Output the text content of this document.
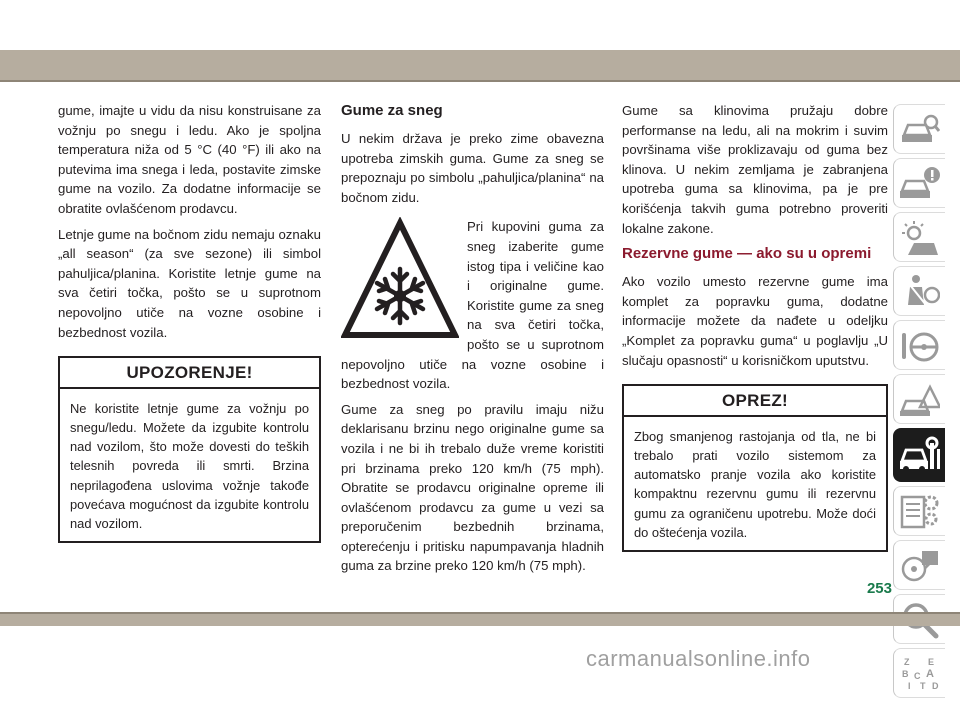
gume, imajte u vidu da nisu konstruisane za vožnju po snegu i ledu. Ako je spoljna temperatura niža od 5 °C (40 °F) ili ako na putevima ima snega i leda, postavite zimske gume na vozilo. Za dodatne informacije se obratite ovlašćenom prodavcu.

Letnje gume na bočnom zidu nemaju oznaku „all season“ (za sve sezone) ili simbol pahuljica/planina. Koristite letnje gume na sva četiri točka, pošto se u suprotnom nepovoljno utiče na vozne osobine i bezbednost vozila.

UPOZORENJE!
Ne koristite letnje gume za vožnju po snegu/ledu. Možete da izgubite kontrolu nad vozilom, što može dovesti do teških telesnih povreda ili smrti. Brzina neprilagođena uslovima vožnje takođe povećava mogućnost da izgubite kontrolu nad vozilom.
Gume za sneg

U nekim država je preko zime obavezna upotreba zimskih guma. Gume za sneg se prepoznaju po simbolu „pahuljica/planina“ na bočnom zidu.

Pri kupovini guma za sneg izaberite gume istog tipa i veličine kao i originalne gume. Koristite gume za sneg na sva četiri točka, pošto se u suprotnom nepovoljno utiče na vozne osobine i bezbednost vozila.

Gume za sneg po pravilu imaju nižu deklarisanu brzinu nego originalne gume sa vozila i ne bi ih trebalo duže vreme koristiti pri brzinama preko 120 km/h (75 mph). Obratite se prodavcu originalne opreme ili ovlašćenom prodavcu za gume u vezi sa preporučenim bezbednih brzinama, opterećenju i pritisku napumpavanja hladnih guma za brzine preko 120 km/h (75 mph).

Gume sa klinovima pružaju dobre performanse na ledu, ali na mokrim i suvim površinama više proklizavaju od guma bez klinova. U nekim zemljama je zabranjena upotreba guma sa klinovima, pa je pre korišćenja takvih guma potrebno proveriti lokalne zakone.

Rezervne gume — ako su u opremi

Ako vozilo umesto rezervne gume ima komplet za popravku guma, dodatne informacije možete da nađete u odeljku „Komplet za popravku guma“ u poglavlju „U slučaju opasnosti“ u korisničkom uputstvu.

OPREZ!
Zbog smanjenog rastojanja od tla, ne bi trebalo prati vozilo sistemom za automatsko pranje vozila ako koristite kompaktnu rezervnu gumu ili rezervnu gumu za ograničenu upotrebu. Može doći do oštećenja vozila.
Z E
B A
C
T D
I
253
carmanualsonline.info
